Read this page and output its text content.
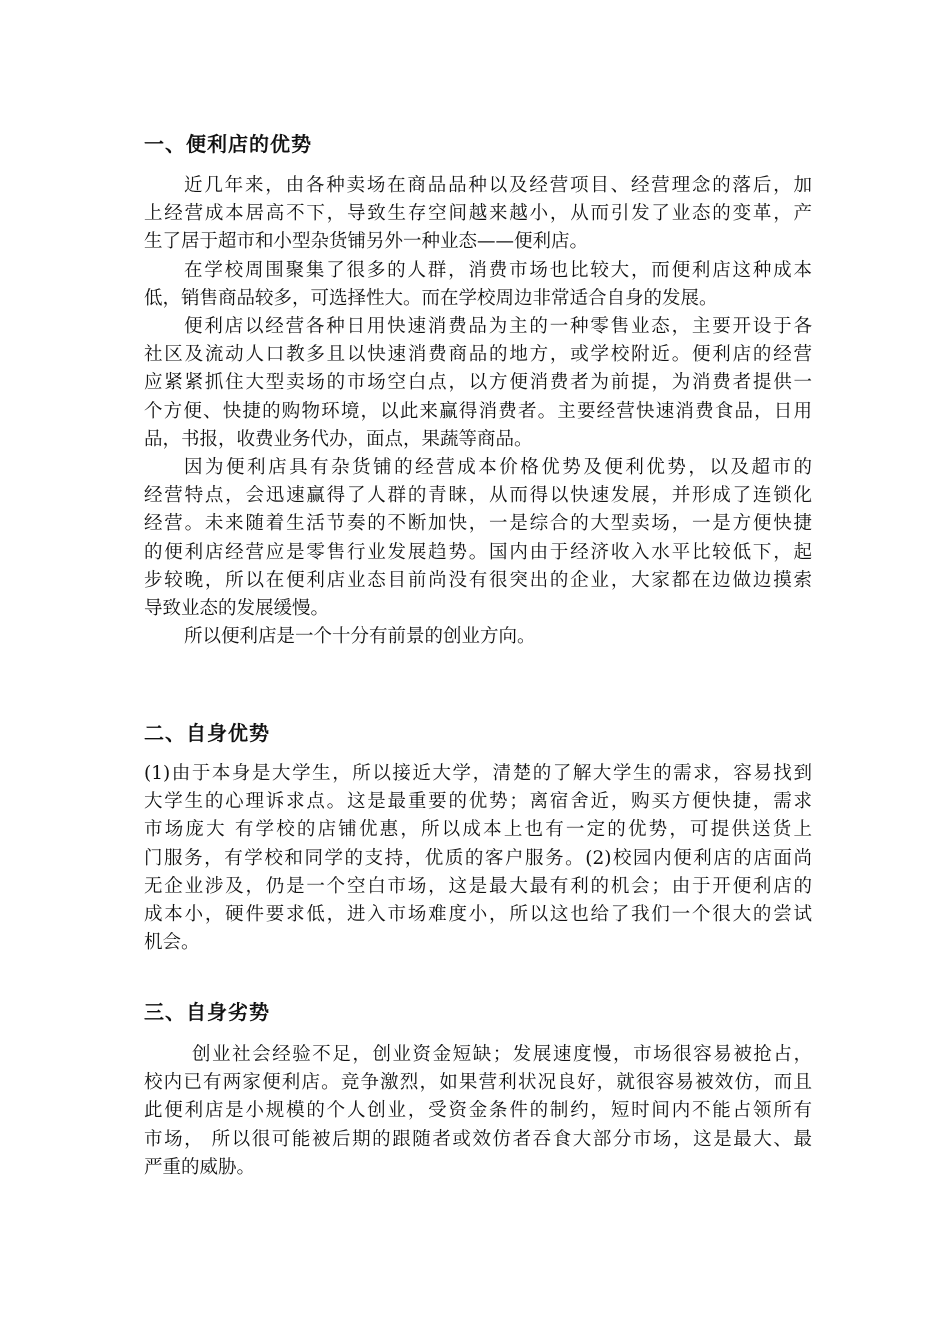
一、便利店的优势

近几年来，由各种卖场在商品品种以及经营项目、经营理念的落后，加
上经营成本居高不下，导致生存空间越来越小，从而引发了业态的变革，产
生了居于超市和小型杂货铺另外一种业态——便利店。

在学校周围聚集了很多的人群，消费市场也比较大，而便利店这种成本
低，销售商品较多，可选择性大。而在学校周边非常适合自身的发展。

便利店以经营各种日用快速消费品为主的一种零售业态，主要开设于各
社区及流动人口教多且以快速消费商品的地方，或学校附近。便利店的经营
应紧紧抓住大型卖场的市场空白点，以方便消费者为前提，为消费者提供一
个方便、快捷的购物环境，以此来赢得消费者。主要经营快速消费食品，日用
品，书报，收费业务代办，面点，果蔬等商品。

因为便利店具有杂货铺的经营成本价格优势及便利优势，以及超市的
经营特点，会迅速赢得了人群的青睐，从而得以快速发展，并形成了连锁化
经营。未来随着生活节奏的不断加快，一是综合的大型卖场，一是方便快捷
的便利店经营应是零售行业发展趋势。国内由于经济收入水平比较低下，起
步较晚，所以在便利店业态目前尚没有很突出的企业，大家都在边做边摸索
导致业态的发展缓慢。

所以便利店是一个十分有前景的创业方向。

二、自身优势

(1)由于本身是大学生，所以接近大学，清楚的了解大学生的需求，容易找到
大学生的心理诉求点。这是最重要的优势；离宿舍近，购买方便快捷，需求
市场庞大 有学校的店铺优惠，所以成本上也有一定的优势，可提供送货上
门服务，有学校和同学的支持，优质的客户服务。(2)校园内便利店的店面尚
无企业涉及，仍是一个空白市场，这是最大最有利的机会；由于开便利店的
成本小，硬件要求低，进入市场难度小，所以这也给了我们一个很大的尝试
机会。

三、自身劣势

创业社会经验不足，创业资金短缺；发展速度慢，市场很容易被抢占，
校内已有两家便利店。竞争激烈，如果营利状况良好，就很容易被效仿，而且
此便利店是小规模的个人创业，受资金条件的制约，短时间内不能占领所有
市场， 所以很可能被后期的跟随者或效仿者吞食大部分市场，这是最大、最
严重的威胁。
